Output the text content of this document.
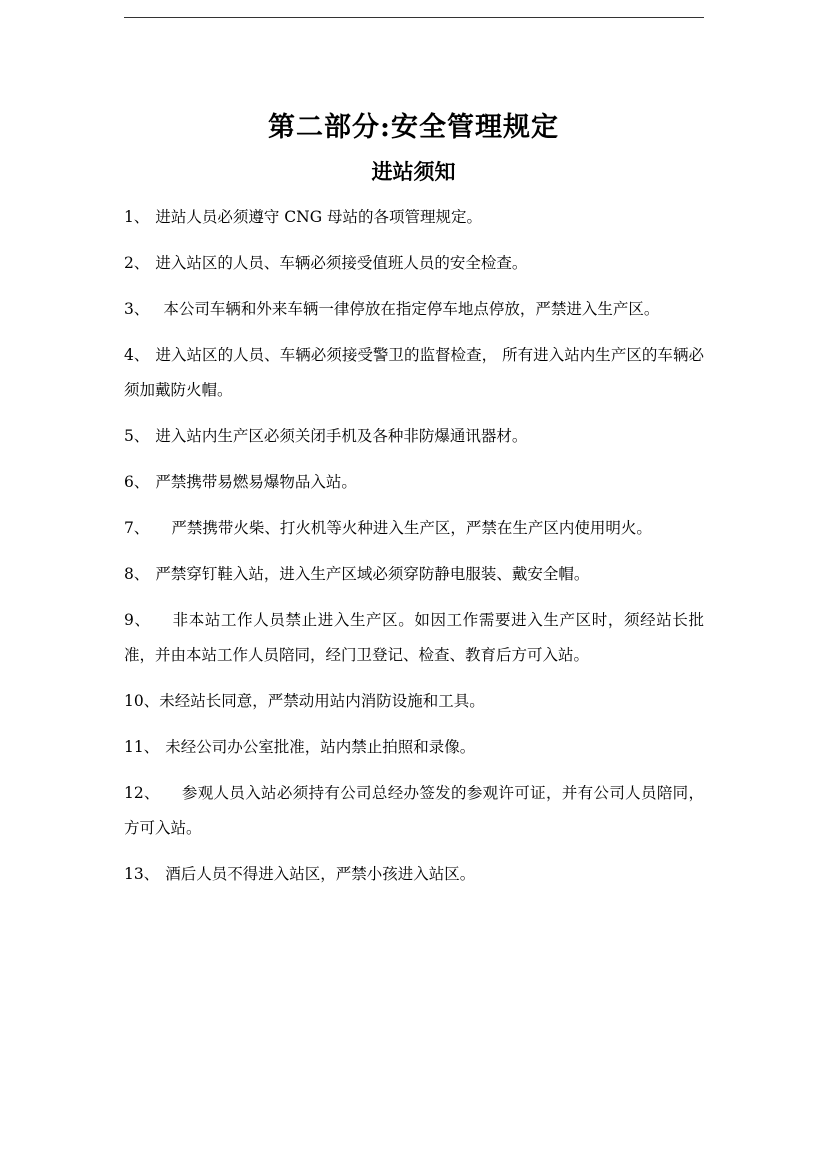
第二部分:安全管理规定
进站须知

1、 进站人员必须遵守 CNG 母站的各项管理规定。

2、 进入站区的人员、车辆必须接受值班人员的安全检查。

3、 本公司车辆和外来车辆一律停放在指定停车地点停放，严禁进入生产区。

4、 进入站区的人员、车辆必须接受警卫的监督检查， 所有进入站内生产区的车辆必须加戴防火帽。

5、 进入站内生产区必须关闭手机及各种非防爆通讯器材。

6、 严禁携带易燃易爆物品入站。

7、 严禁携带火柴、打火机等火种进入生产区，严禁在生产区内使用明火。

8、 严禁穿钉鞋入站，进入生产区域必须穿防静电服装、戴安全帽。

9、 非本站工作人员禁止进入生产区。如因工作需要进入生产区时，须经站长批准，并由本站工作人员陪同，经门卫登记、检查、教育后方可入站。

10、未经站长同意，严禁动用站内消防设施和工具。

11、 未经公司办公室批准，站内禁止拍照和录像。

12、 参观人员入站必须持有公司总经办签发的参观许可证，并有公司人员陪同，方可入站。

13、 酒后人员不得进入站区，严禁小孩进入站区。
